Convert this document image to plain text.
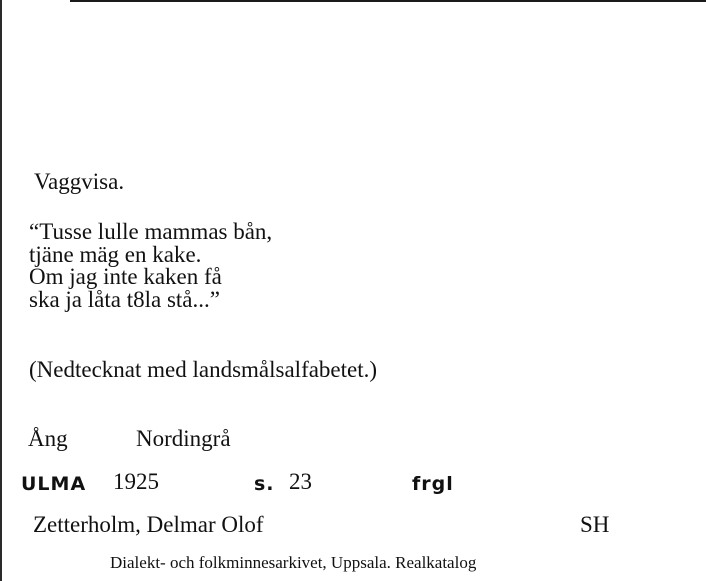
Vaggvisa.
“Tusse lulle mammas bån,
tjäne mäg en kake.
Om jag inte kaken få
ska ja låta t8la stå...”
(Nedtecknat med landsmålsalfabetet.)
Ång	Nordingrå
ULMA 1925	s. 23	frgl
Zetterholm, Delmar Olof	SH
Dialekt- och folkminnesarkivet, Uppsala. Realkatalog
